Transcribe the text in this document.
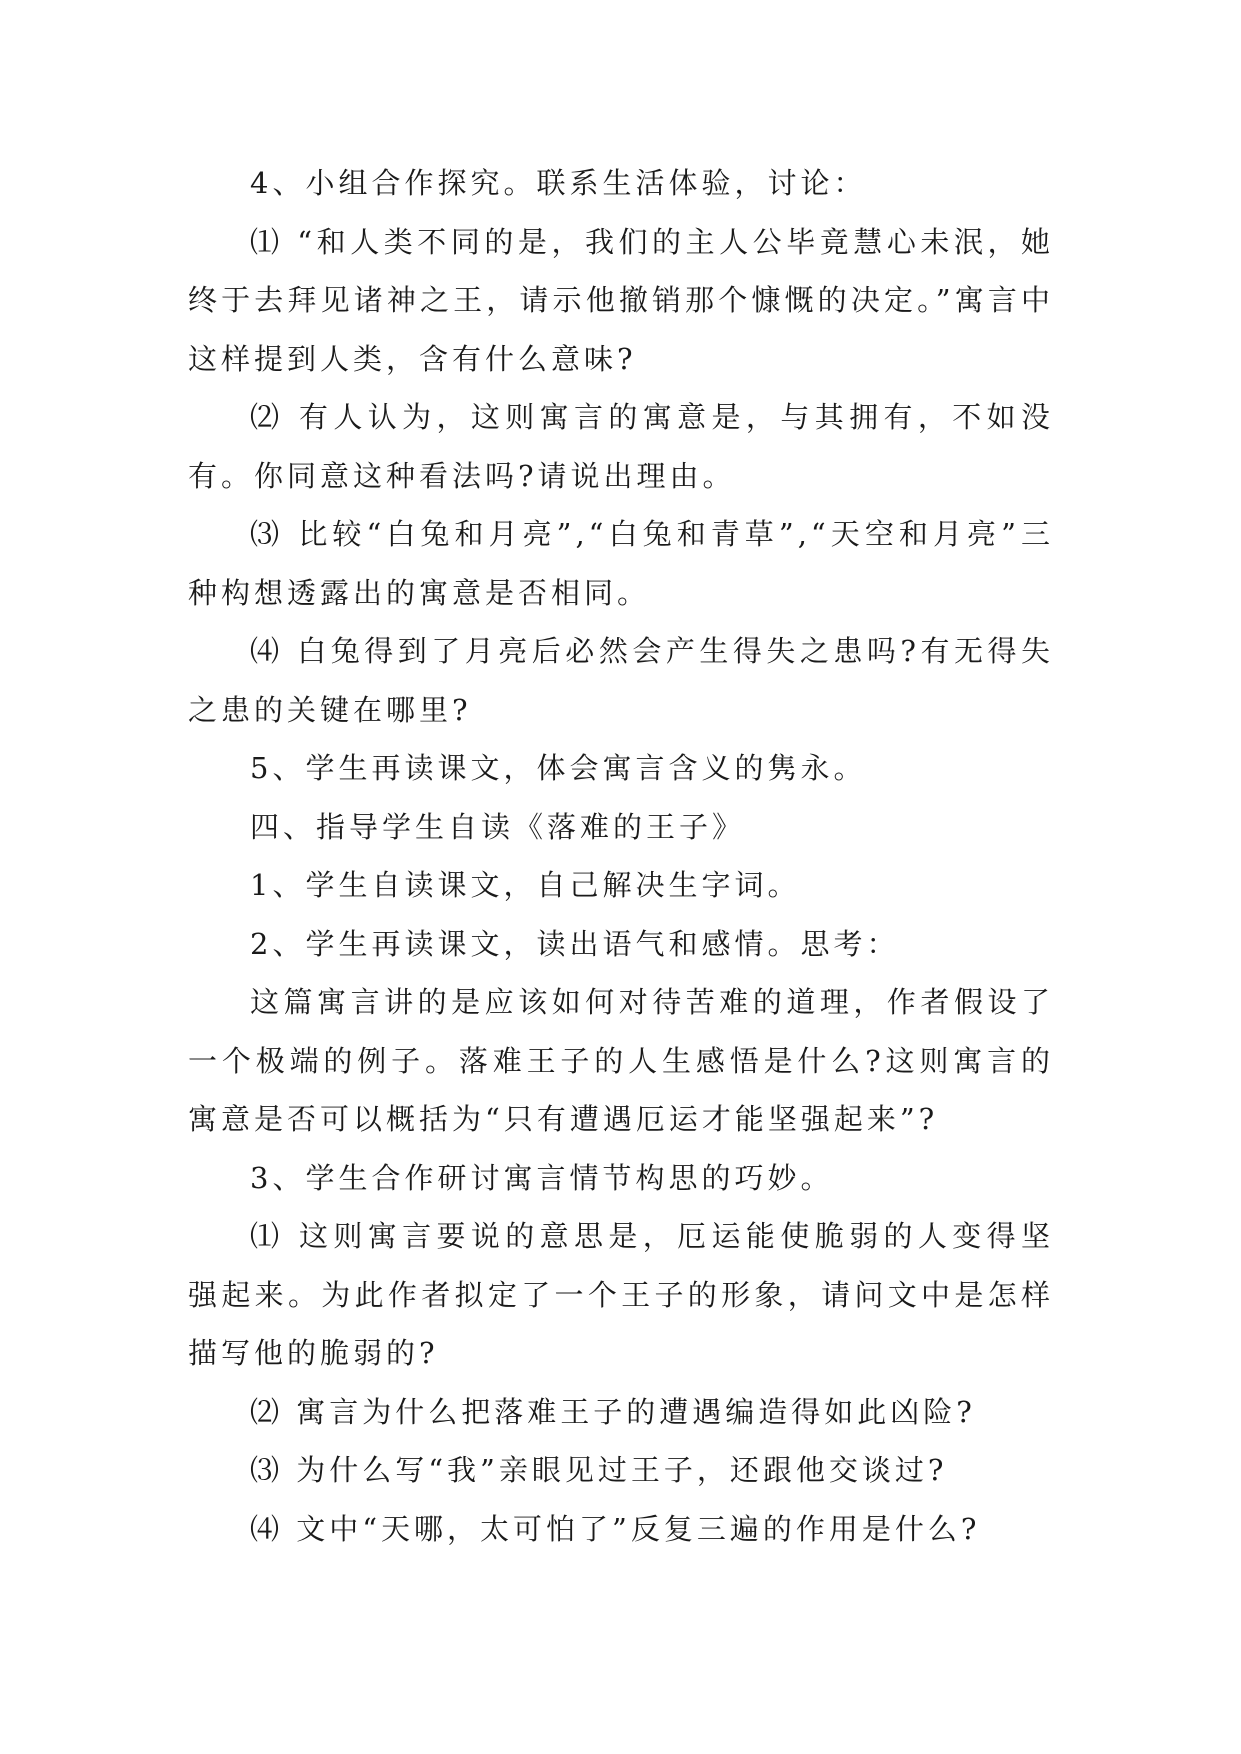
4、小组合作探究。联系生活体验，讨论：

⑴ “和人类不同的是，我们的主人公毕竟慧心未泯，她终于去拜见诸神之王，请示他撤销那个慷慨的决定。”寓言中这样提到人类，含有什么意味?

⑵ 有人认为，这则寓言的寓意是，与其拥有，不如没有。你同意这种看法吗?请说出理由。

⑶ 比较“白兔和月亮”,“白兔和青草”,“天空和月亮”三种构想透露出的寓意是否相同。

⑷ 白兔得到了月亮后必然会产生得失之患吗?有无得失之患的关键在哪里?

5、学生再读课文，体会寓言含义的隽永。

四、指导学生自读《落难的王子》

1、学生自读课文，自己解决生字词。

2、学生再读课文，读出语气和感情。思考：

这篇寓言讲的是应该如何对待苦难的道理，作者假设了一个极端的例子。落难王子的人生感悟是什么?这则寓言的寓意是否可以概括为“只有遭遇厄运才能坚强起来”?

3、学生合作研讨寓言情节构思的巧妙。

⑴ 这则寓言要说的意思是，厄运能使脆弱的人变得坚强起来。为此作者拟定了一个王子的形象，请问文中是怎样描写他的脆弱的?

⑵ 寓言为什么把落难王子的遭遇编造得如此凶险?

⑶ 为什么写“我”亲眼见过王子，还跟他交谈过?

⑷ 文中“天哪，太可怕了”反复三遍的作用是什么?
